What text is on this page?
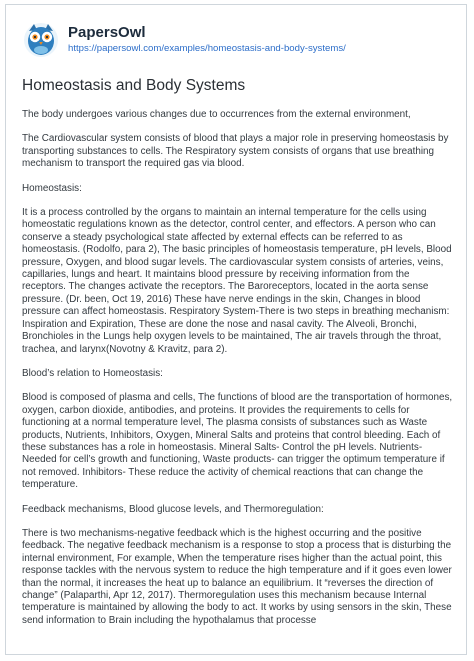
PapersOwl
https://papersowl.com/examples/homeostasis-and-body-systems/
Homeostasis and Body Systems

The body undergoes various changes due to occurrences from the external environment,

The Cardiovascular system consists of blood that plays a major role in preserving homeostasis by transporting substances to cells. The Respiratory system consists of organs that use breathing mechanism to transport the required gas via blood.

Homeostasis:

It is a process controlled by the organs to maintain an internal temperature for the cells using homeostatic regulations known as the detector, control center, and effectors. A person who can conserve a steady psychological state affected by external effects can be referred to as homeostasis. (Rodolfo, para 2), The basic principles of homeostasis temperature, pH levels, Blood pressure, Oxygen, and blood sugar levels. The cardiovascular system consists of arteries, veins, capillaries, lungs and heart. It maintains blood pressure by receiving information from the receptors. The changes activate the receptors. The Baroreceptors, located in the aorta sense pressure. (Dr. been, Oct 19, 2016) These have nerve endings in the skin, Changes in blood pressure can affect homeostasis. Respiratory System-There is two steps in breathing mechanism: Inspiration and Expiration, These are done the nose and nasal cavity. The Alveoli, Bronchi, Bronchioles in the Lungs help oxygen levels to be maintained, The air travels through the throat, trachea, and larynx(Novotny & Kravitz, para 2).

Blood’s relation to Homeostasis:

Blood is composed of plasma and cells, The functions of blood are the transportation of hormones, oxygen, carbon dioxide, antibodies, and proteins. It provides the requirements to cells for functioning at a normal temperature level, The plasma consists of substances such as Waste products, Nutrients, Inhibitors, Oxygen, Mineral Salts and proteins that control bleeding. Each of these substances has a role in homeostasis. Mineral Salts- Control the pH levels. Nutrients- Needed for cell’s growth and functioning, Waste products- can trigger the optimum temperature if not removed. Inhibitors- These reduce the activity of chemical reactions that can change the temperature.

Feedback mechanisms, Blood glucose levels, and Thermoregulation:

There is two mechanisms-negative feedback which is the highest occurring and the positive feedback. The negative feedback mechanism is a response to stop a process that is disturbing the internal environment, For example, When the temperature rises higher than the actual point, this response tackles with the nervous system to reduce the high temperature and if it goes even lower than the normal, it increases the heat up to balance an equilibrium. It “reverses the direction of change” (Palaparthi, Apr 12, 2017). Thermoregulation uses this mechanism because Internal temperature is maintained by allowing the body to act. It works by using sensors in the skin, These send information to Brain including the hypothalamus that processe
